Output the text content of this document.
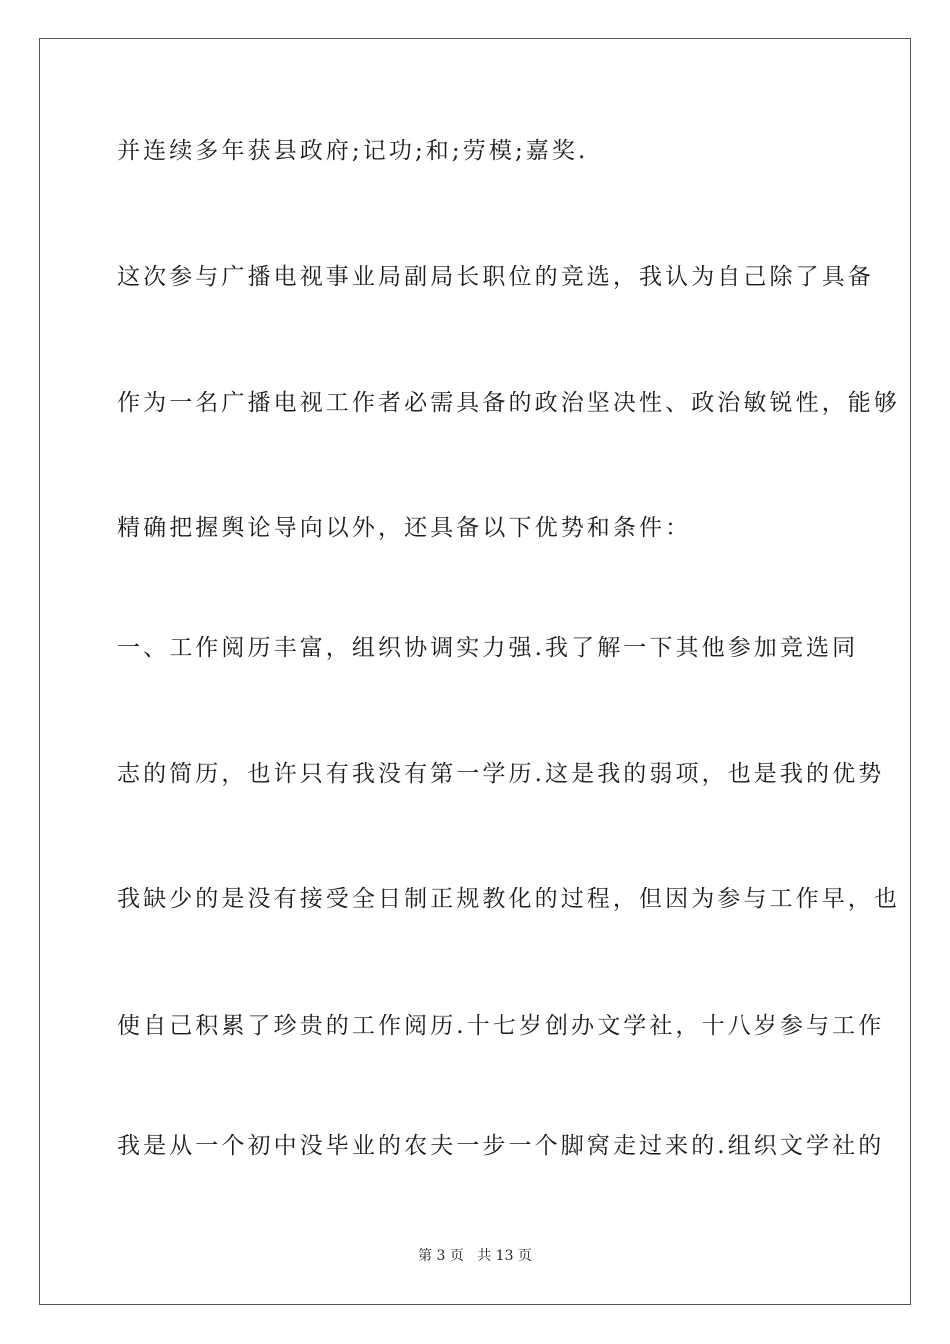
并连续多年获县政府;记功;和;劳模;嘉奖.
这次参与广播电视事业局副局长职位的竞选，我认为自己除了具备
作为一名广播电视工作者必需具备的政治坚决性、政治敏锐性，能够
精确把握舆论导向以外，还具备以下优势和条件：
一、工作阅历丰富，组织协调实力强.我了解一下其他参加竞选同
志的简历，也许只有我没有第一学历.这是我的弱项，也是我的优势
我缺少的是没有接受全日制正规教化的过程，但因为参与工作早，也
使自己积累了珍贵的工作阅历.十七岁创办文学社，十八岁参与工作
我是从一个初中没毕业的农夫一步一个脚窝走过来的.组织文学社的
第 3 页 共 13 页
